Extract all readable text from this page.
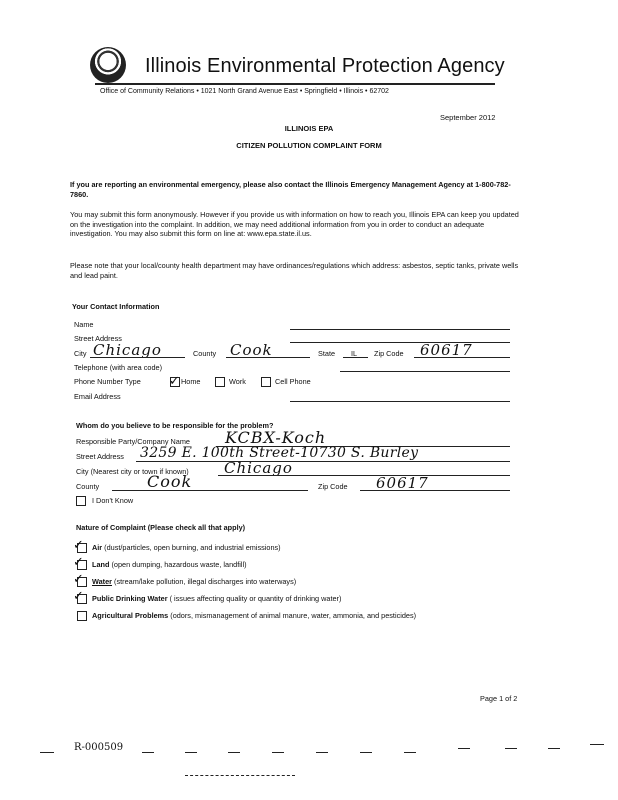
Illinois Environmental Protection Agency
Office of Community Relations • 1021 North Grand Avenue East • Springfield • Illinois • 62702
September 2012
ILLINOIS EPA
CITIZEN POLLUTION COMPLAINT FORM
If you are reporting an environmental emergency, please also contact the Illinois Emergency Management Agency at 1-800-782-7860.
You may submit this form anonymously. However if you provide us with information on how to reach you, Illinois EPA can keep you updated on the investigation into the complaint. In addition, we may need additional information from you in order to conduct an adequate investigation. You may also submit this form on line at: www.epa.state.il.us.
Please note that your local/county health department may have ordinances/regulations which address: asbestos, septic tanks, private wells and lead paint.
Your Contact Information
Name
Street Address
City Chicago	County Cook	State IL Zip Code 60617
Telephone (with area code)
Phone Number Type ✓ Home	Work	Cell Phone
Email Address
Whom do you believe to be responsible for the problem?
Responsible Party/Company Name KCBX-Koch
Street Address 3259 E. 100th Street-10730 S. Burley
City (Nearest city or town if known) Chicago
County	Cook	Zip Code 60617
I Don't Know
Nature of Complaint (Please check all that apply)
✓ Air (dust/particles, open burning, and industrial emissions)
✓ Land (open dumping, hazardous waste, landfill)
✓ Water (stream/lake pollution, illegal discharges into waterways)
✓ Public Drinking Water ( issues affecting quality or quantity of drinking water)
Agricultural Problems (odors, mismanagement of animal manure, water, ammonia, and pesticides)
Page 1 of 2
R-000509
